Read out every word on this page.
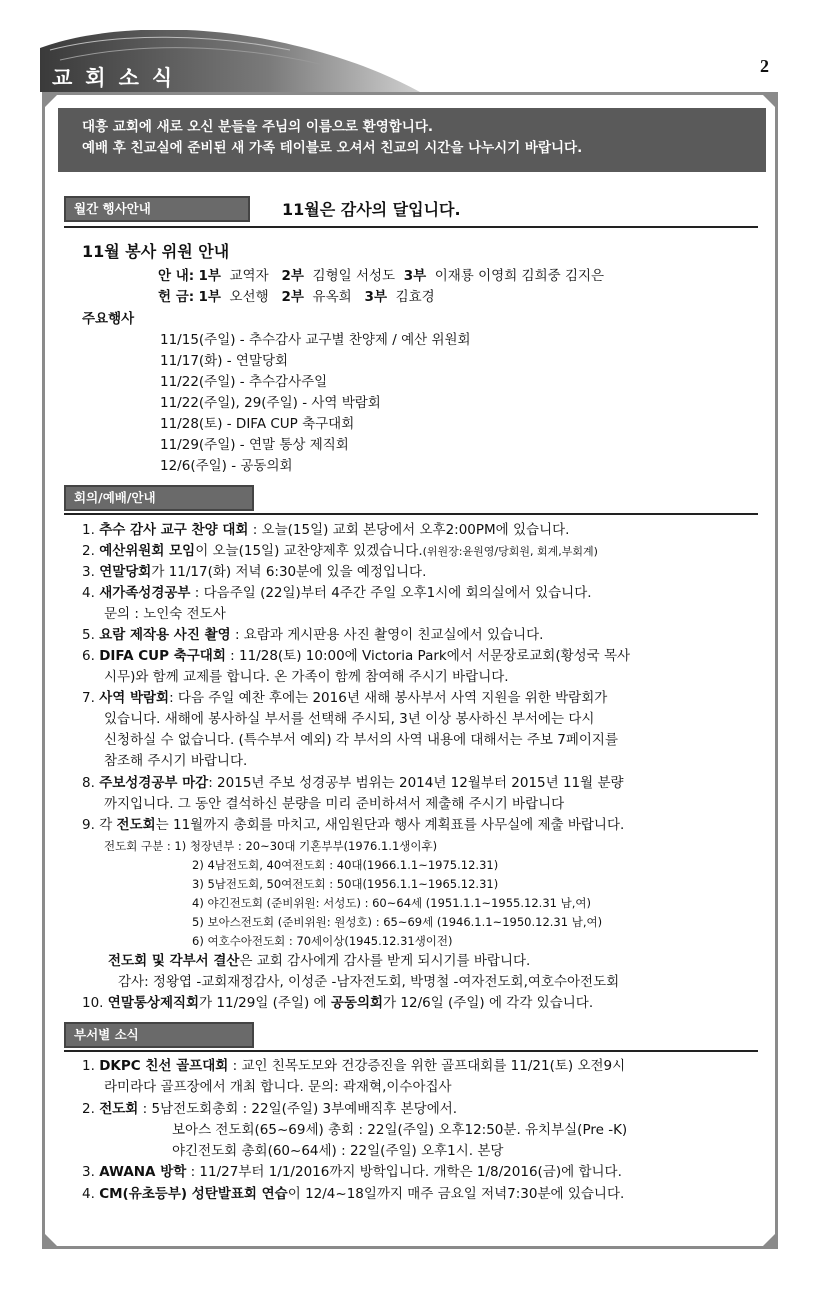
교회소식	2
대흥 교회에 새로 오신 분들을 주님의 이름으로 환영합니다.
예배 후 친교실에 준비된 새 가족 테이블로 오셔서 친교의 시간을 나누시기 바랍니다.
월간 행사안내	11월은 감사의 달입니다.
11월 봉사 위원 안내
안 내: 1부 교역자 2부 김형일 서성도 3부 이재룡 이영희 김희중 김지은
헌 금: 1부 오선행 2부 유옥희 3부 김효경
주요행사
11/15(주일) - 추수감사 교구별 찬양제 / 예산 위원회
11/17(화) - 연말당회
11/22(주일) - 추수감사주일
11/22(주일), 29(주일) - 사역 박람회
11/28(토) - DIFA CUP 축구대회
11/29(주일) - 연말 통상 제직회
12/6(주일) - 공동의회
회의/예배/안내
1. 추수 감사 교구 찬양 대회 : 오늘(15일) 교회 본당에서 오후2:00PM에 있습니다.
2. 예산위원회 모임이 오늘(15일) 교찬양제후 있겠습니다.(위원장:윤원영/당회원, 회계,부회계)
3. 연말당회가 11/17(화) 저녁 6:30분에 있을 예정입니다.
4. 새가족성경공부 : 다음주일 (22일)부터 4주간 주일 오후1시에 회의실에서 있습니다.
문의 : 노인숙 전도사
5. 요람 제작용 사진 촬영 : 요람과 게시판용 사진 촬영이 친교실에서 있습니다.
6. DIFA CUP 축구대회 : 11/28(토) 10:00에 Victoria Park에서 서문장로교회(황성국 목사
시무)와 함께 교제를 합니다. 온 가족이 함께 참여해 주시기 바랍니다.
7. 사역 박람회: 다음 주일 예찬 후에는 2016년 새해 봉사부서 사역 지원을 위한 박람회가
있습니다. 새해에 봉사하실 부서를 선택해 주시되, 3년 이상 봉사하신 부서에는 다시
신청하실 수 없습니다. (특수부서 예외) 각 부서의 사역 내용에 대해서는 주보 7페이지를
참조해 주시기 바랍니다.
8. 주보성경공부 마감: 2015년 주보 성경공부 범위는 2014년 12월부터 2015년 11월 분량
까지입니다. 그 동안 결석하신 분량을 미리 준비하셔서 제출해 주시기 바랍니다
9. 각 전도회는 11월까지 총회를 마치고, 새임원단과 행사 계획표를 사무실에 제출 바랍니다.
전도회 구분 : 1) 청장년부 : 20~30대 기혼부부(1976.1.1생이후)
2) 4남전도회, 40여전도회 : 40대(1966.1.1~1975.12.31)
3) 5남전도회, 50여전도회 : 50대(1956.1.1~1965.12.31)
4) 야긴전도회 (준비위원: 서성도) : 60~64세 (1951.1.1~1955.12.31 남,여)
5) 보아스전도회 (준비위원: 원성호) : 65~69세 (1946.1.1~1950.12.31 남,여)
6) 여호수아전도회 : 70세이상(1945.12.31생이전)
전도회 및 각부서 결산은 교회 감사에게 감사를 받게 되시기를 바랍니다.
감사: 정왕엽 -교회재정감사, 이성준 -남자전도회, 박명철 -여자전도회,여호수아전도회
10. 연말통상제직회가 11/29일 (주일) 에 공동의회가 12/6일 (주일) 에 각각 있습니다.
부서별 소식
1. DKPC 친선 골프대회 : 교인 친목도모와 건강증진을 위한 골프대회를 11/21(토) 오전9시
라미라다 골프장에서 개최 합니다. 문의: 곽재혁,이수아집사
2. 전도회 : 5남전도회총회 : 22일(주일) 3부예배직후 본당에서.
보아스 전도회(65~69세) 총회 : 22일(주일) 오후12:50분. 유치부실(Pre -K)
야긴전도회 총회(60~64세) : 22일(주일) 오후1시. 본당
3. AWANA 방학 : 11/27부터 1/1/2016까지 방학입니다. 개학은 1/8/2016(금)에 합니다.
4. CM(유초등부) 성탄발표회 연습이 12/4~18일까지 매주 금요일 저녁7:30분에 있습니다.
